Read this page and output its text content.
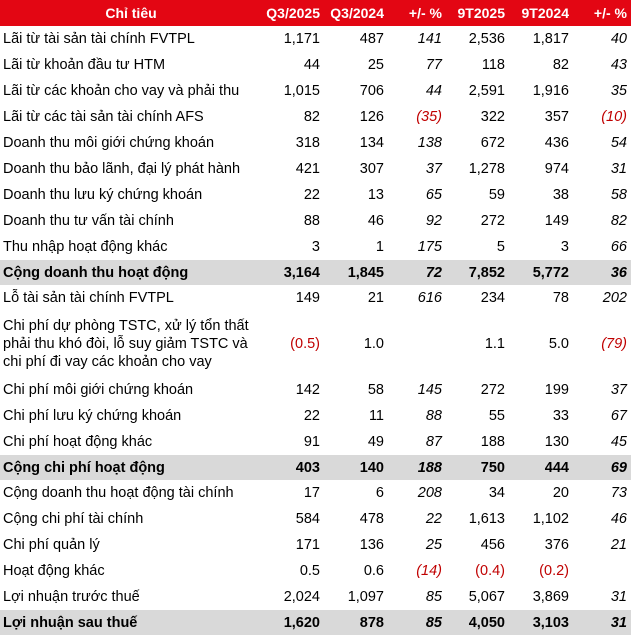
Chỉ tiêu	Q3/2025	Q3/2024	+/- %	9T2025	9T2024	+/- %
Lãi từ tài sản tài chính FVTPL	1,171	487	141	2,536	1,817	40
Lãi từ khoản đầu tư HTM	44	25	77	118	82	43
Lãi từ các khoản cho vay và phải thu	1,015	706	44	2,591	1,916	35
Lãi từ các tài sản tài chính AFS	82	126	(35)	322	357	(10)
Doanh thu môi giới chứng khoán	318	134	138	672	436	54
Doanh thu bảo lãnh, đại lý phát hành	421	307	37	1,278	974	31
Doanh thu lưu ký chứng khoán	22	13	65	59	38	58
Doanh thu tư vấn tài chính	88	46	92	272	149	82
Thu nhập hoạt động khác	3	1	175	5	3	66
Cộng doanh thu hoạt động	3,164	1,845	72	7,852	5,772	36
Lỗ tài sản tài chính FVTPL	149	21	616	234	78	202
Chi phí dự phòng TSTC, xử lý tổn thất phải thu khó đòi, lỗ suy giảm TSTC và chi phí đi vay các khoản cho vay	(0.5)	1.0		1.1	5.0	(79)
Chi phí môi giới chứng khoán	142	58	145	272	199	37
Chi phí lưu ký chứng khoán	22	11	88	55	33	67
Chi phí hoạt động khác	91	49	87	188	130	45
Cộng chi phí hoạt động	403	140	188	750	444	69
Cộng doanh thu hoạt động tài chính	17	6	208	34	20	73
Cộng chi phí tài chính	584	478	22	1,613	1,102	46
Chi phí quản lý	171	136	25	456	376	21
Hoạt động khác	0.5	0.6	(14)	(0.4)	(0.2)	
Lợi nhuận trước thuế	2,024	1,097	85	5,067	3,869	31
Lợi nhuận sau thuế	1,620	878	85	4,050	3,103	31
